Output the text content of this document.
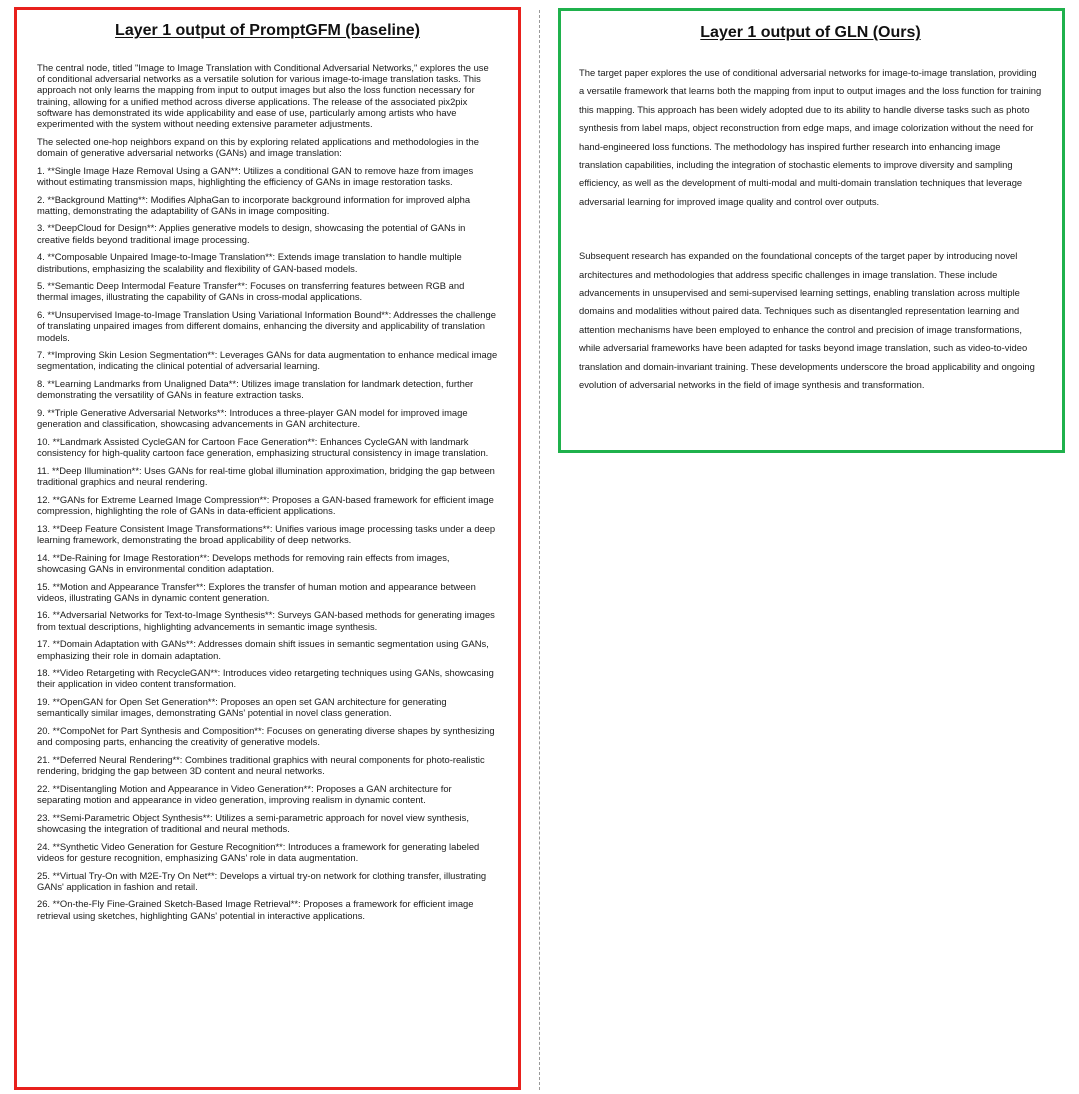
Layer 1 output of PromptGFM (baseline)

The central node, titled "Image to Image Translation with Conditional Adversarial Networks," explores the use of conditional adversarial networks as a versatile solution for various image-to-image translation tasks. This approach not only learns the mapping from input to output images but also the loss function necessary for training, allowing for a unified method across diverse applications. The release of the associated pix2pix software has demonstrated its wide applicability and ease of use, particularly among artists who have experimented with the system without needing extensive parameter adjustments.

The selected one-hop neighbors expand on this by exploring related applications and methodologies in the domain of generative adversarial networks (GANs) and image translation:

1. **Single Image Haze Removal Using a GAN**: Utilizes a conditional GAN to remove haze from images without estimating transmission maps, highlighting the efficiency of GANs in image restoration tasks.

2. **Background Matting**: Modifies AlphaGan to incorporate background information for improved alpha matting, demonstrating the adaptability of GANs in image compositing.

3. **DeepCloud for Design**: Applies generative models to design, showcasing the potential of GANs in creative fields beyond traditional image processing.

4. **Composable Unpaired Image-to-Image Translation**: Extends image translation to handle multiple distributions, emphasizing the scalability and flexibility of GAN-based models.

5. **Semantic Deep Intermodal Feature Transfer**: Focuses on transferring features between RGB and thermal images, illustrating the capability of GANs in cross-modal applications.

6. **Unsupervised Image-to-Image Translation Using Variational Information Bound**: Addresses the challenge of translating unpaired images from different domains, enhancing the diversity and applicability of translation models.

7. **Improving Skin Lesion Segmentation**: Leverages GANs for data augmentation to enhance medical image segmentation, indicating the clinical potential of adversarial learning.

8. **Learning Landmarks from Unaligned Data**: Utilizes image translation for landmark detection, further demonstrating the versatility of GANs in feature extraction tasks.

9. **Triple Generative Adversarial Networks**: Introduces a three-player GAN model for improved image generation and classification, showcasing advancements in GAN architecture.

10. **Landmark Assisted CycleGAN for Cartoon Face Generation**: Enhances CycleGAN with landmark consistency for high-quality cartoon face generation, emphasizing structural consistency in image translation.

11. **Deep Illumination**: Uses GANs for real-time global illumination approximation, bridging the gap between traditional graphics and neural rendering.

12. **GANs for Extreme Learned Image Compression**: Proposes a GAN-based framework for efficient image compression, highlighting the role of GANs in data-efficient applications.

13. **Deep Feature Consistent Image Transformations**: Unifies various image processing tasks under a deep learning framework, demonstrating the broad applicability of deep networks.

14. **De-Raining for Image Restoration**: Develops methods for removing rain effects from images, showcasing GANs in environmental condition adaptation.

15. **Motion and Appearance Transfer**: Explores the transfer of human motion and appearance between videos, illustrating GANs in dynamic content generation.

16. **Adversarial Networks for Text-to-Image Synthesis**: Surveys GAN-based methods for generating images from textual descriptions, highlighting advancements in semantic image synthesis.

17. **Domain Adaptation with GANs**: Addresses domain shift issues in semantic segmentation using GANs, emphasizing their role in domain adaptation.

18. **Video Retargeting with RecycleGAN**: Introduces video retargeting techniques using GANs, showcasing their application in video content transformation.

19. **OpenGAN for Open Set Generation**: Proposes an open set GAN architecture for generating semantically similar images, demonstrating GANs' potential in novel class generation.

20. **CompoNet for Part Synthesis and Composition**: Focuses on generating diverse shapes by synthesizing and composing parts, enhancing the creativity of generative models.

21. **Deferred Neural Rendering**: Combines traditional graphics with neural components for photo-realistic rendering, bridging the gap between 3D content and neural networks.

22. **Disentangling Motion and Appearance in Video Generation**: Proposes a GAN architecture for separating motion and appearance in video generation, improving realism in dynamic content.

23. **Semi-Parametric Object Synthesis**: Utilizes a semi-parametric approach for novel view synthesis, showcasing the integration of traditional and neural methods.

24. **Synthetic Video Generation for Gesture Recognition**: Introduces a framework for generating labeled videos for gesture recognition, emphasizing GANs' role in data augmentation.

25. **Virtual Try-On with M2E-Try On Net**: Develops a virtual try-on network for clothing transfer, illustrating GANs' application in fashion and retail.

26. **On-the-Fly Fine-Grained Sketch-Based Image Retrieval**: Proposes a framework for efficient image retrieval using sketches, highlighting GANs' potential in interactive applications.

Layer 1 output of GLN (Ours)

The target paper explores the use of conditional adversarial networks for image-to-image translation, providing a versatile framework that learns both the mapping from input to output images and the loss function for training this mapping. This approach has been widely adopted due to its ability to handle diverse tasks such as photo synthesis from label maps, object reconstruction from edge maps, and image colorization without the need for hand-engineered loss functions. The methodology has inspired further research into enhancing image translation capabilities, including the integration of stochastic elements to improve diversity and sampling efficiency, as well as the development of multi-modal and multi-domain translation techniques that leverage adversarial learning for improved image quality and control over outputs.

Subsequent research has expanded on the foundational concepts of the target paper by introducing novel architectures and methodologies that address specific challenges in image translation. These include advancements in unsupervised and semi-supervised learning settings, enabling translation across multiple domains and modalities without paired data. Techniques such as disentangled representation learning and attention mechanisms have been employed to enhance the control and precision of image transformations, while adversarial frameworks have been adapted for tasks beyond image translation, such as video-to-video translation and domain-invariant training. These developments underscore the broad applicability and ongoing evolution of adversarial networks in the field of image synthesis and transformation.
